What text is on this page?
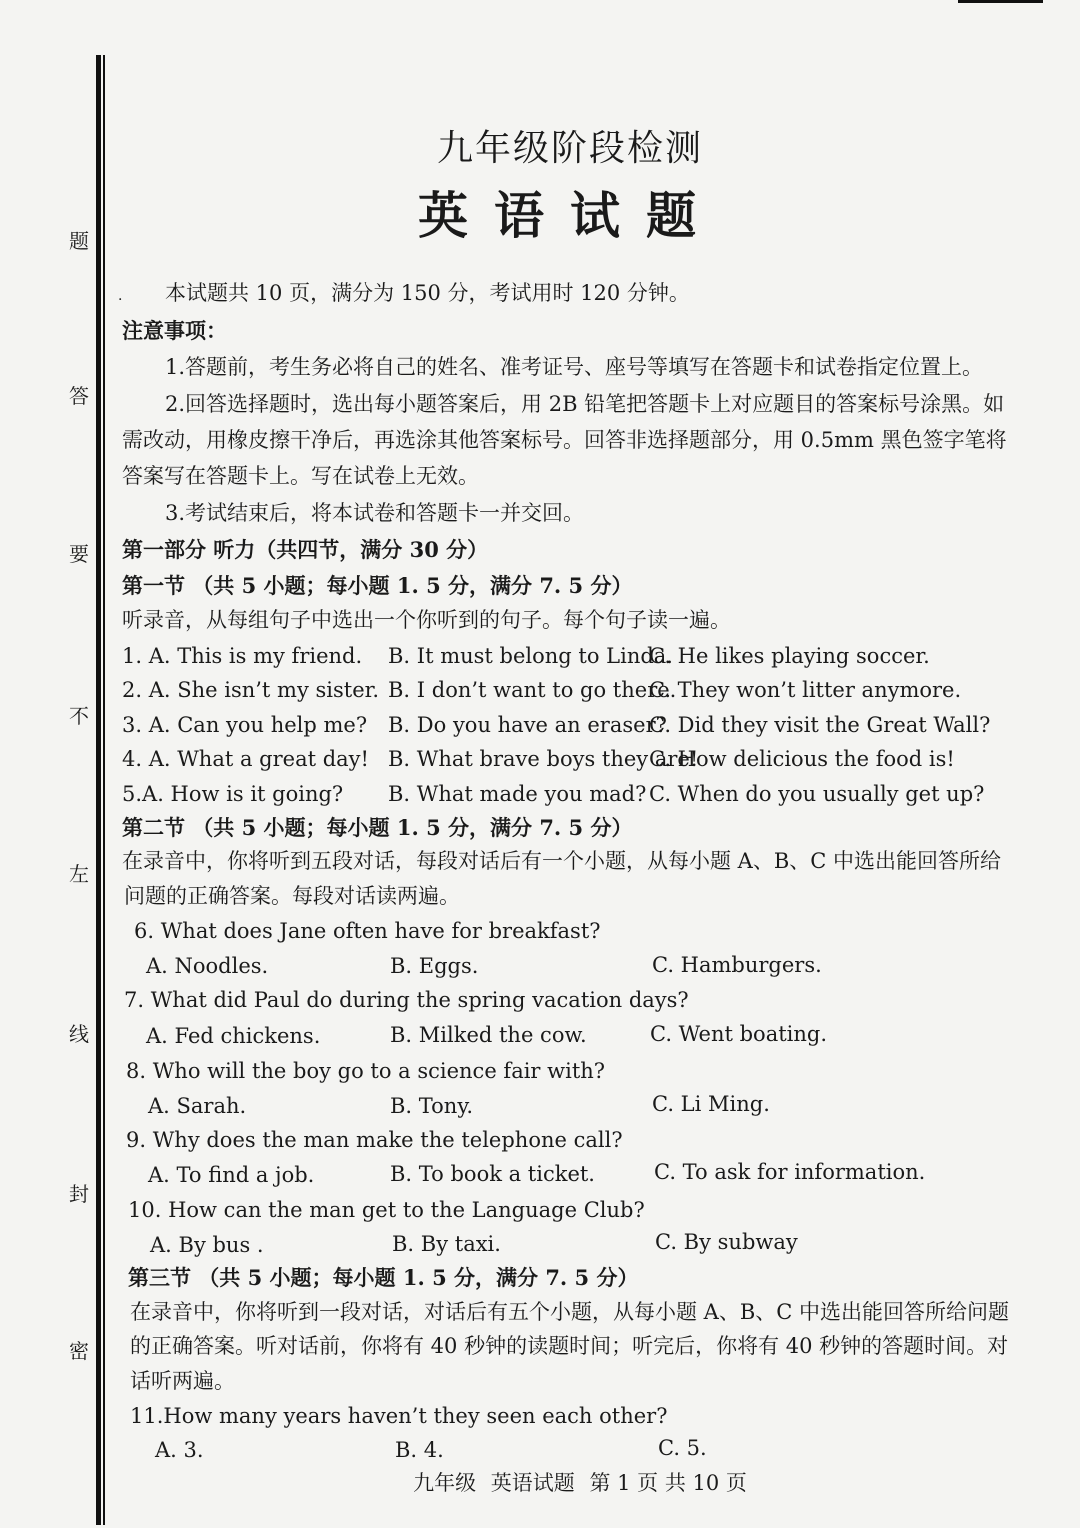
题
答
要
不
左
线
封
密
九年级阶段检测
英语试题
· 本试题共 10 页，满分为 150 分，考试用时 120 分钟。
注意事项：
1.答题前，考生务必将自己的姓名、准考证号、座号等填写在答题卡和试卷指定位置上。
2.回答选择题时，选出每小题答案后，用 2B 铅笔把答题卡上对应题目的答案标号涂黑。如
需改动，用橡皮擦干净后，再选涂其他答案标号。回答非选择题部分，用 0.5mm 黑色签字笔将
答案写在答题卡上。写在试卷上无效。
3.考试结束后，将本试卷和答题卡一并交回。
第一部分 听力（共四节，满分 30 分）
第一节 （共 5 小题；每小题 1. 5 分，满分 7. 5 分）
听录音，从每组句子中选出一个你听到的句子。每个句子读一遍。
1. A. This is my friend. B. It must belong to Linda.
C. He likes playing soccer.
2. A. She isn’t my sister. B. I don’t want to go there.
C. They won’t litter anymore.
3. A. Can you help me? B. Do you have an eraser?
C. Did they visit the Great Wall?
4. A. What a great day! B. What brave boys they are!
C. How delicious the food is!
5.A. How is it going? B. What made you mad? C. When do you usually get up?
第二节 （共 5 小题；每小题 1. 5 分，满分 7. 5 分）
在录音中，你将听到五段对话，每段对话后有一个小题，从每小题 A、B、C 中选出能回答所给
问题的正确答案。每段对话读两遍。
6. What does Jane often have for breakfast?
A. Noodles.	B. Eggs.	C. Hamburgers.
7. What did Paul do during the spring vacation days?
A. Fed chickens.	B. Milked the cow.	C. Went boating.
8. Who will the boy go to a science fair with?
A. Sarah.	B. Tony.	C. Li Ming.
9. Why does the man make the telephone call?
A. To find a job.	B. To book a ticket.	C. To ask for information.
10. How can the man get to the Language Club?
A. By bus .	B. By taxi.	C. By subway
第三节 （共 5 小题；每小题 1. 5 分，满分 7. 5 分）
在录音中，你将听到一段对话，对话后有五个小题，从每小题 A、B、C 中选出能回答所给问题
的正确答案。听对话前，你将有 40 秒钟的读题时间；听完后，你将有 40 秒钟的答题时间。对
话听两遍。
11.How many years haven’t they seen each other?
A. 3.	B. 4.	C. 5.
九年级 英语试题 第 1 页 共 10 页
